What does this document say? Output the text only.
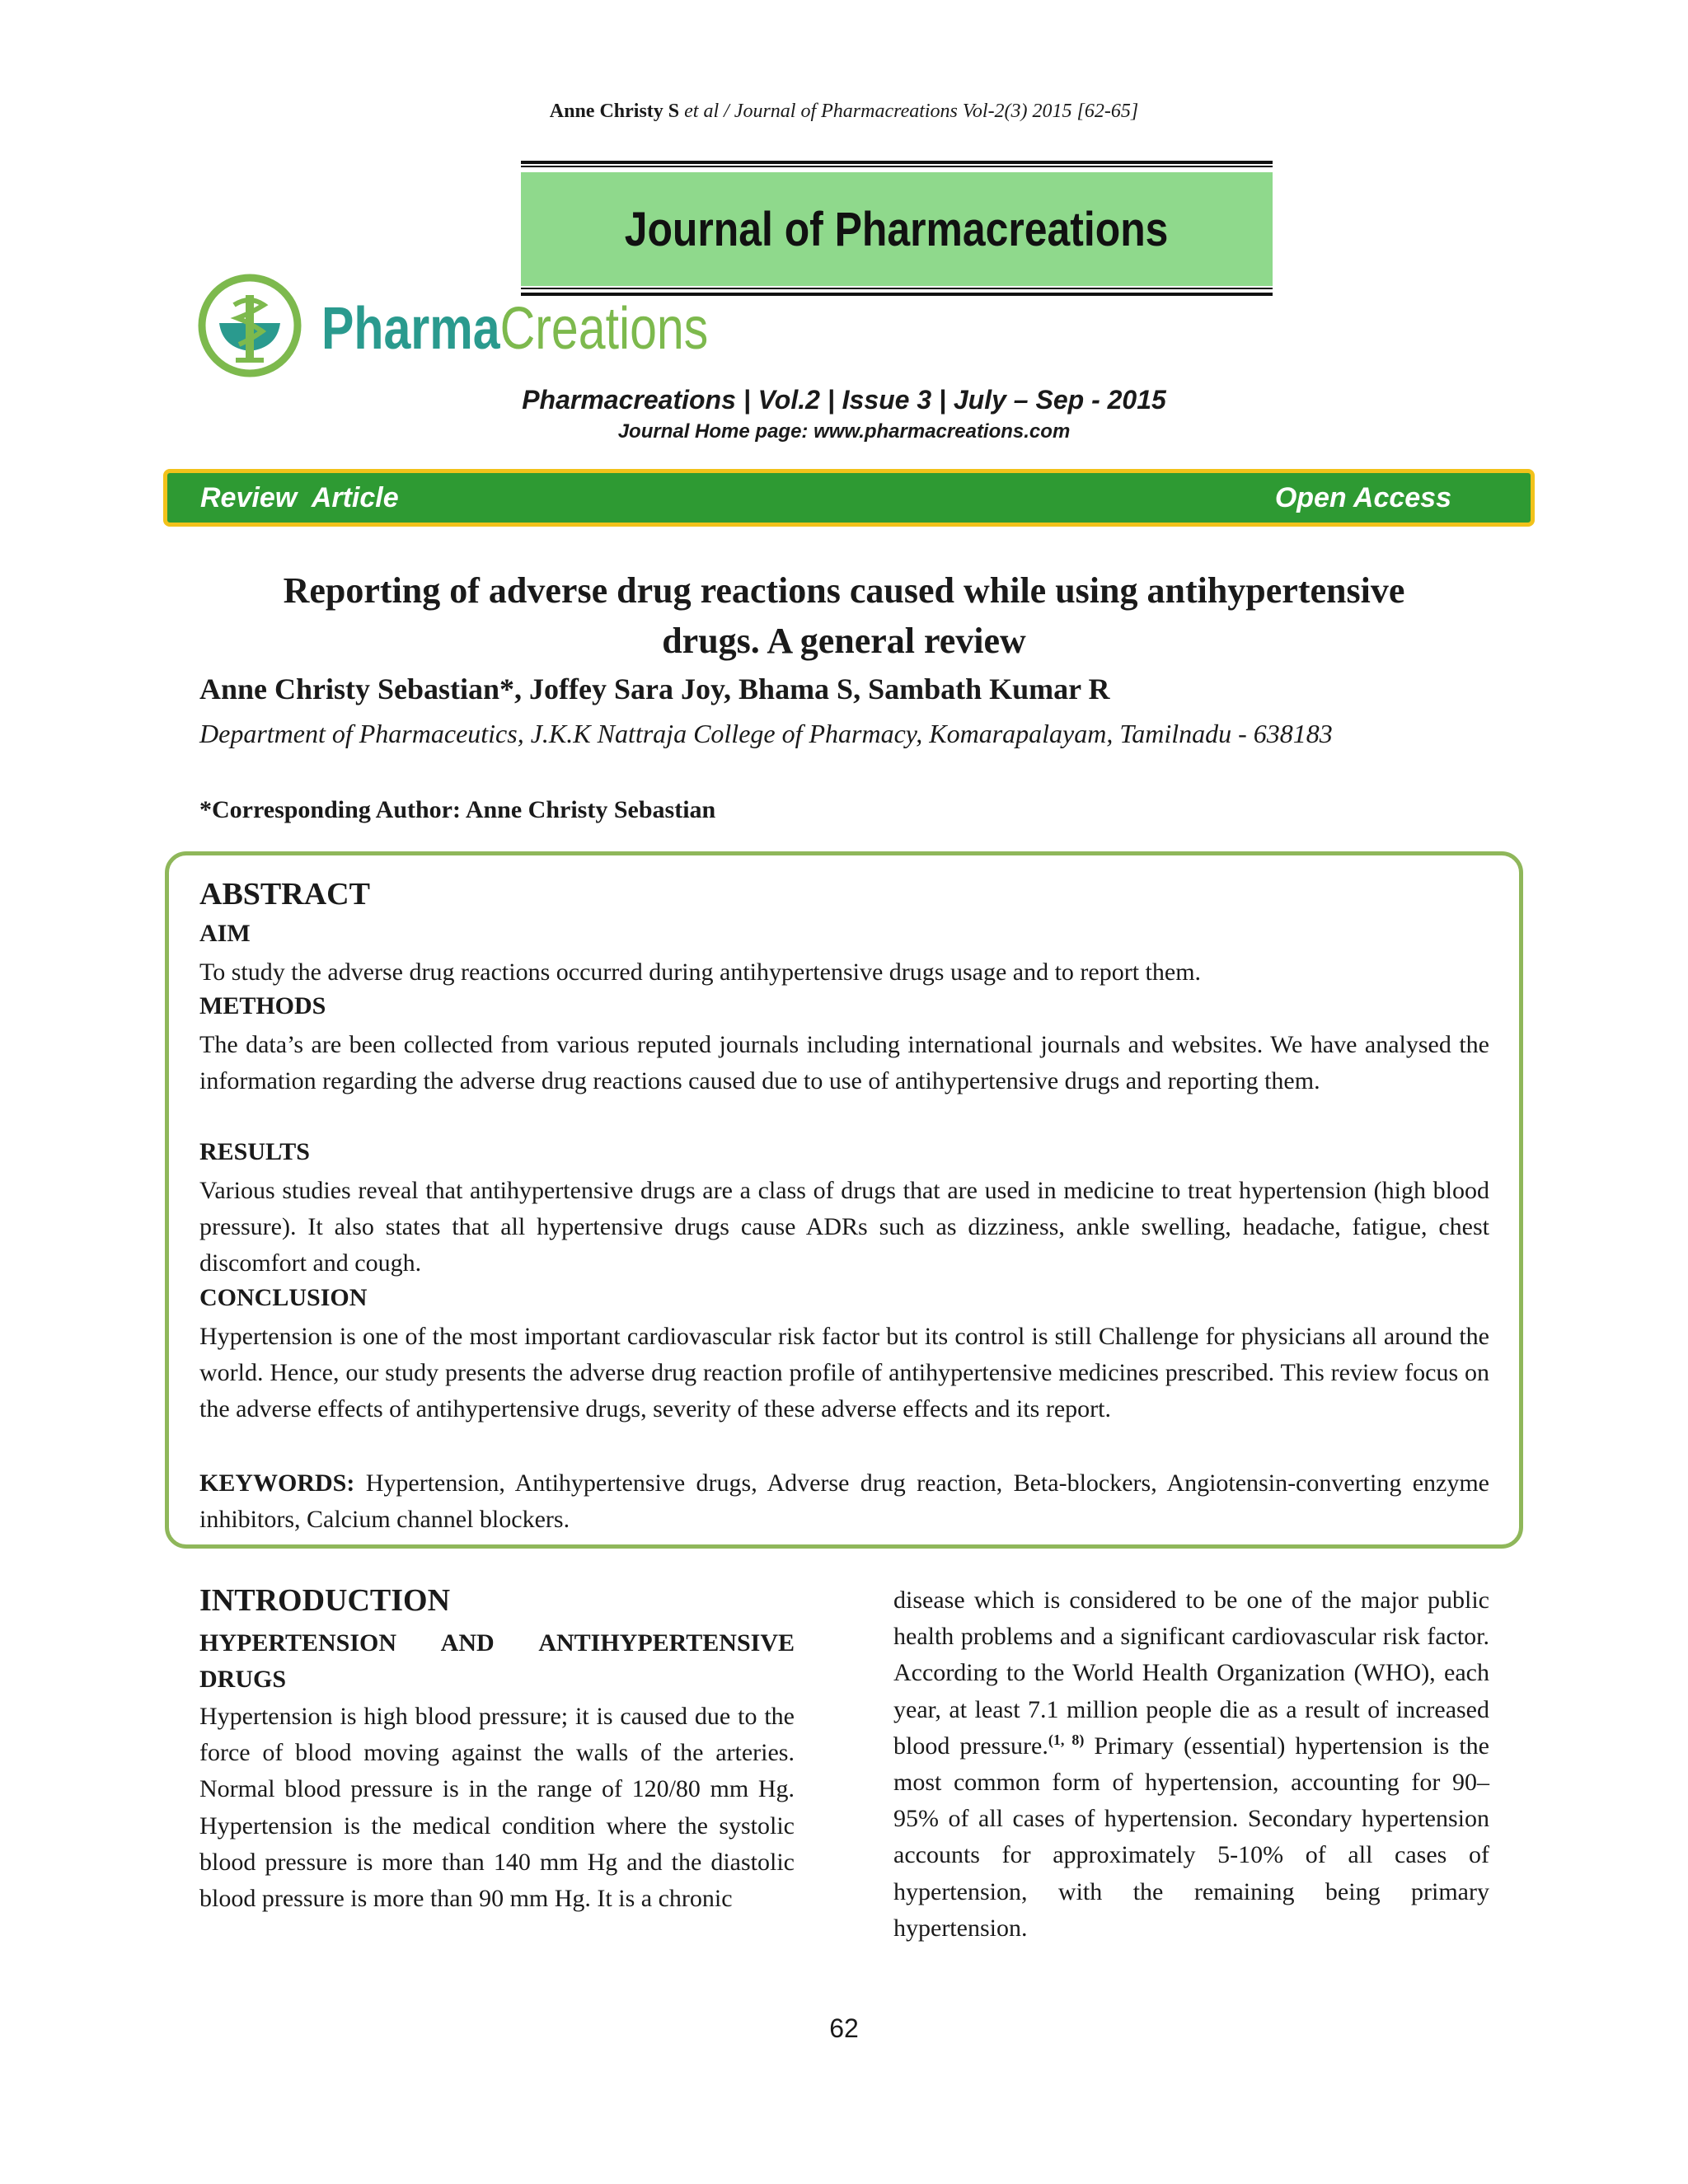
Anne Christy S et al / Journal of Pharmacreations Vol-2(3) 2015 [62-65]
Journal of Pharmacreations
PharmaCreations
Pharmacreations | Vol.2 | Issue 3 | July – Sep - 2015
Journal Home page: www.pharmacreations.com
Review  Article	Open Access
Reporting of adverse drug reactions caused while using antihypertensive
drugs. A general review
Anne Christy Sebastian*, Joffey Sara Joy, Bhama S, Sambath Kumar R
Department of Pharmaceutics, J.K.K Nattraja College of Pharmacy, Komarapalayam, Tamilnadu - 638183
*Corresponding Author: Anne Christy Sebastian
ABSTRACT
AIM
To study the adverse drug reactions occurred during antihypertensive drugs usage and to report them.
METHODS
The data’s are been collected from various reputed journals including international journals and websites. We have analysed the information regarding the adverse drug reactions caused due to use of antihypertensive drugs and reporting them.
RESULTS
Various studies reveal that antihypertensive drugs are a class of drugs that are used in medicine to treat hypertension (high blood pressure). It also states that all hypertensive drugs cause ADRs such as dizziness, ankle swelling, headache, fatigue, chest discomfort and cough.
CONCLUSION
Hypertension is one of the most important cardiovascular risk factor but its control is still Challenge for physicians all around the world. Hence, our study presents the adverse drug reaction profile of antihypertensive medicines prescribed. This review focus on the adverse effects of antihypertensive drugs, severity of these adverse effects and its report.
KEYWORDS: Hypertension, Antihypertensive drugs, Adverse drug reaction, Beta-blockers, Angiotensin-converting enzyme inhibitors, Calcium channel blockers.
INTRODUCTION
HYPERTENSION AND ANTIHYPERTENSIVE DRUGS
Hypertension is high blood pressure; it is caused due to the force of blood moving against the walls of the arteries. Normal blood pressure is in the range of 120/80 mm Hg. Hypertension is the medical condition where the systolic blood pressure is more than 140 mm Hg and the diastolic blood pressure is more than 90 mm Hg. It is a chronic
disease which is considered to be one of the major public health problems and a significant cardiovascular risk factor. According to the World Health Organization (WHO), each year, at least 7.1 million people die as a result of increased blood pressure.$^{(1, 8)}$ Primary (essential) hypertension is the most common form of hypertension, accounting for 90–95% of all cases of hypertension. Secondary hypertension accounts for approximately 5-10% of all cases of hypertension, with the remaining being primary hypertension.
62
